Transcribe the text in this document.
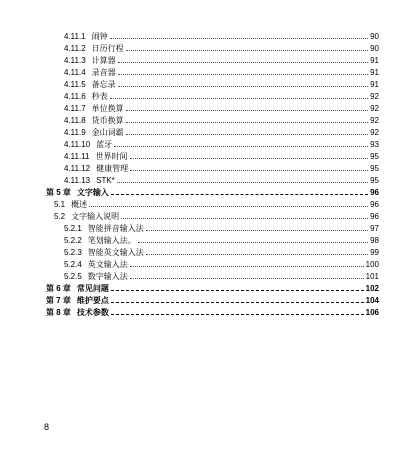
4.11.1 闹钟	90
4.11.2 日历行程	90
4.11.3 计算器	91
4.11.4 录音器	91
4.11.5 备忘录	91
4.11.6 秒表	92
4.11.7 单位换算	92
4.11.8 货币换算	92
4.11.9 金山词霸	92
4.11.10 蓝牙	93
4.11.11 世界时间	95
4.11.12 健康管理	95
4.11.13 STK*	95
第 5 章 文字输入	96
5.1 概述	96
5.2 文字输入说明	96
5.2.1 智能拼音输入法	97
5.2.2 笔划输入法。	98
5.2.3 智能英文输入法	99
5.2.4 英文输入法	100
5.2.5 数字输入法	101
第 6 章 常见问题	102
第 7 章 维护要点	104
第 8 章 技术参数	106
8
